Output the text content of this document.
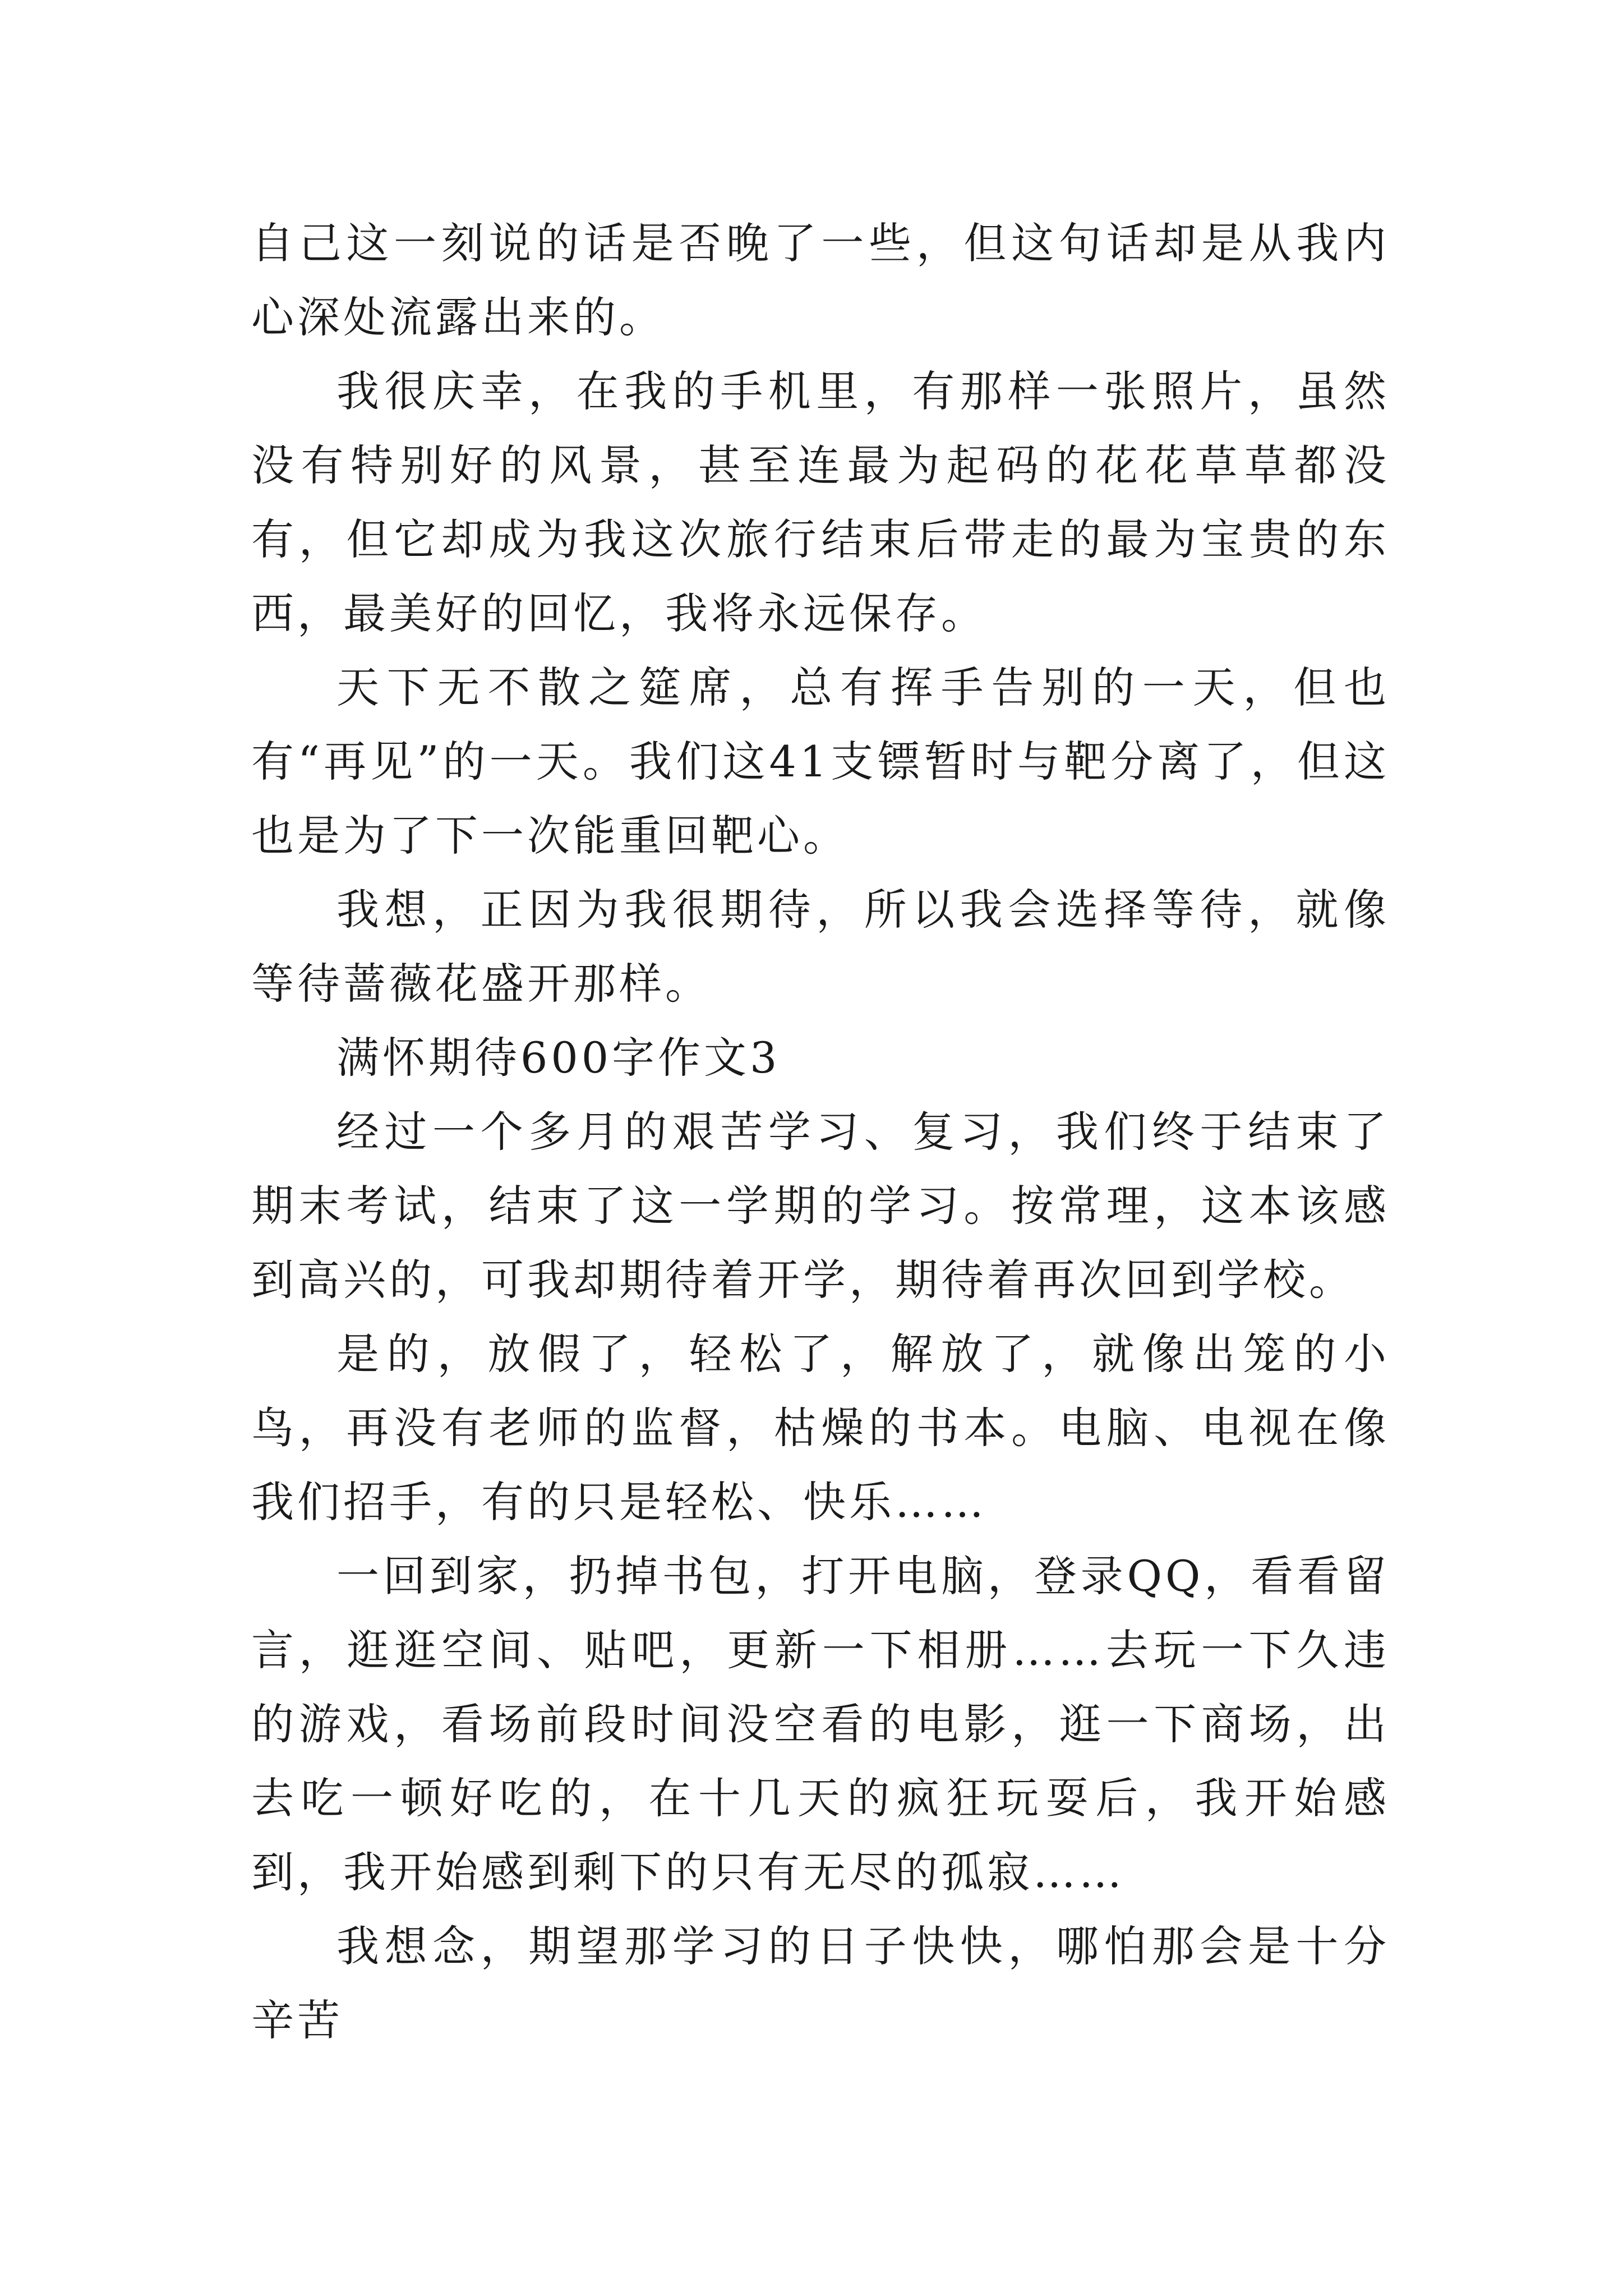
自己这一刻说的话是否晚了一些，但这句话却是从我内心深处流露出来的。

我很庆幸，在我的手机里，有那样一张照片，虽然没有特别好的风景，甚至连最为起码的花花草草都没有，但它却成为我这次旅行结束后带走的最为宝贵的东西，最美好的回忆，我将永远保存。

天下无不散之筵席，总有挥手告别的一天，但也有“再见”的一天。我们这41支镖暂时与靶分离了，但这也是为了下一次能重回靶心。

我想，正因为我很期待，所以我会选择等待，就像等待蔷薇花盛开那样。

满怀期待600字作文3

经过一个多月的艰苦学习、复习，我们终于结束了期末考试，结束了这一学期的学习。按常理，这本该感到高兴的，可我却期待着开学，期待着再次回到学校。

是的，放假了，轻松了，解放了，就像出笼的小鸟，再没有老师的监督，枯燥的书本。电脑、电视在像我们招手，有的只是轻松、快乐……

一回到家，扔掉书包，打开电脑，登录QQ，看看留言，逛逛空间、贴吧，更新一下相册……去玩一下久违的游戏，看场前段时间没空看的电影，逛一下商场，出去吃一顿好吃的，在十几天的疯狂玩耍后，我开始感到，我开始感到剩下的只有无尽的孤寂……

我想念，期望那学习的日子快快，哪怕那会是十分辛苦
